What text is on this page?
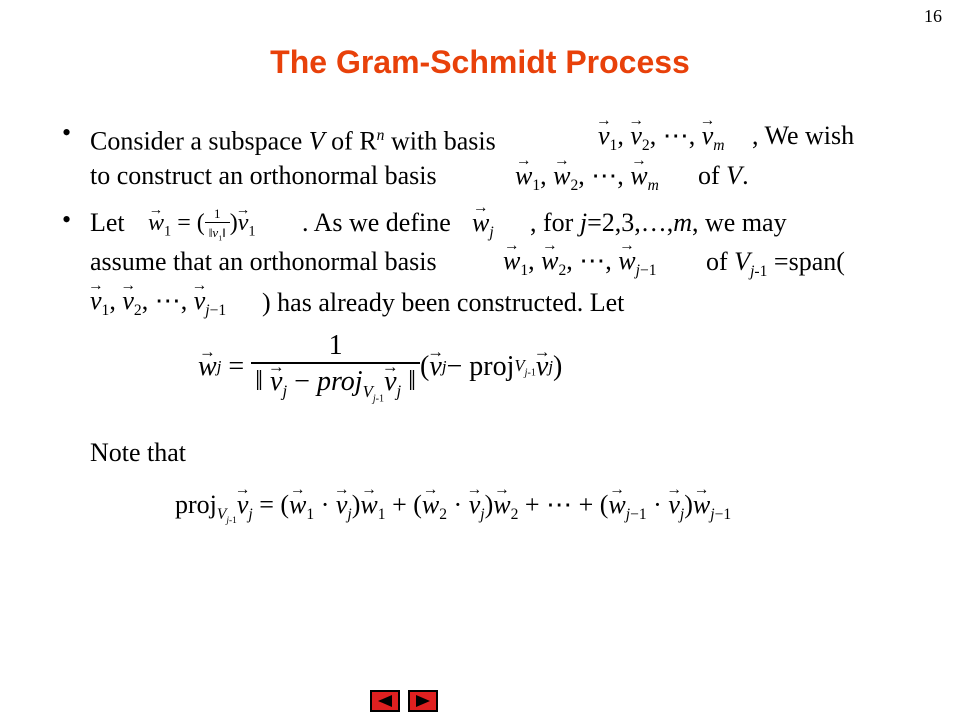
16
The Gram-Schmidt Process
• Consider a subspace V of $R^n$ with basis
→	$v_1$, → $v_2$, ⋯, → $v_m$ , We wish
to construct an orthonormal basis
→	$w_1$, → $w_2$, ⋯, → $w_m$ of V.
• Let
→ $w_1$ = ( $\frac{1}{‖v_1‖}$ )→ $v_1$ . As we define
→ $w_j$ , for j=2,3,…,m, we may
assume that an orthonormal basis
→	$w_1$, → $w_2$, ⋯, → $w_{j-1}$ of $V_{j-1}$ =span(
→ $v_1$, → $v_2$, ⋯, → $v_{j-1}$ ) has already been constructed. Let
→ w $j = \frac{1}{‖ \to v_j - proj_{V_{j-1}}\to v_j ‖}$ (
→ v j − proj $V_{j-1}$
→ v j )
Note that
proj$_{V_{j-1}}$→ $v_j$ = (→ $w_1$ · → $v_j)\to w_1$ + (→ $w_2$ · → $v_j)\to w_2$ + ⋯ + (→ $w_{j-1}$ · → $v_j)\to w_{j-1}$
